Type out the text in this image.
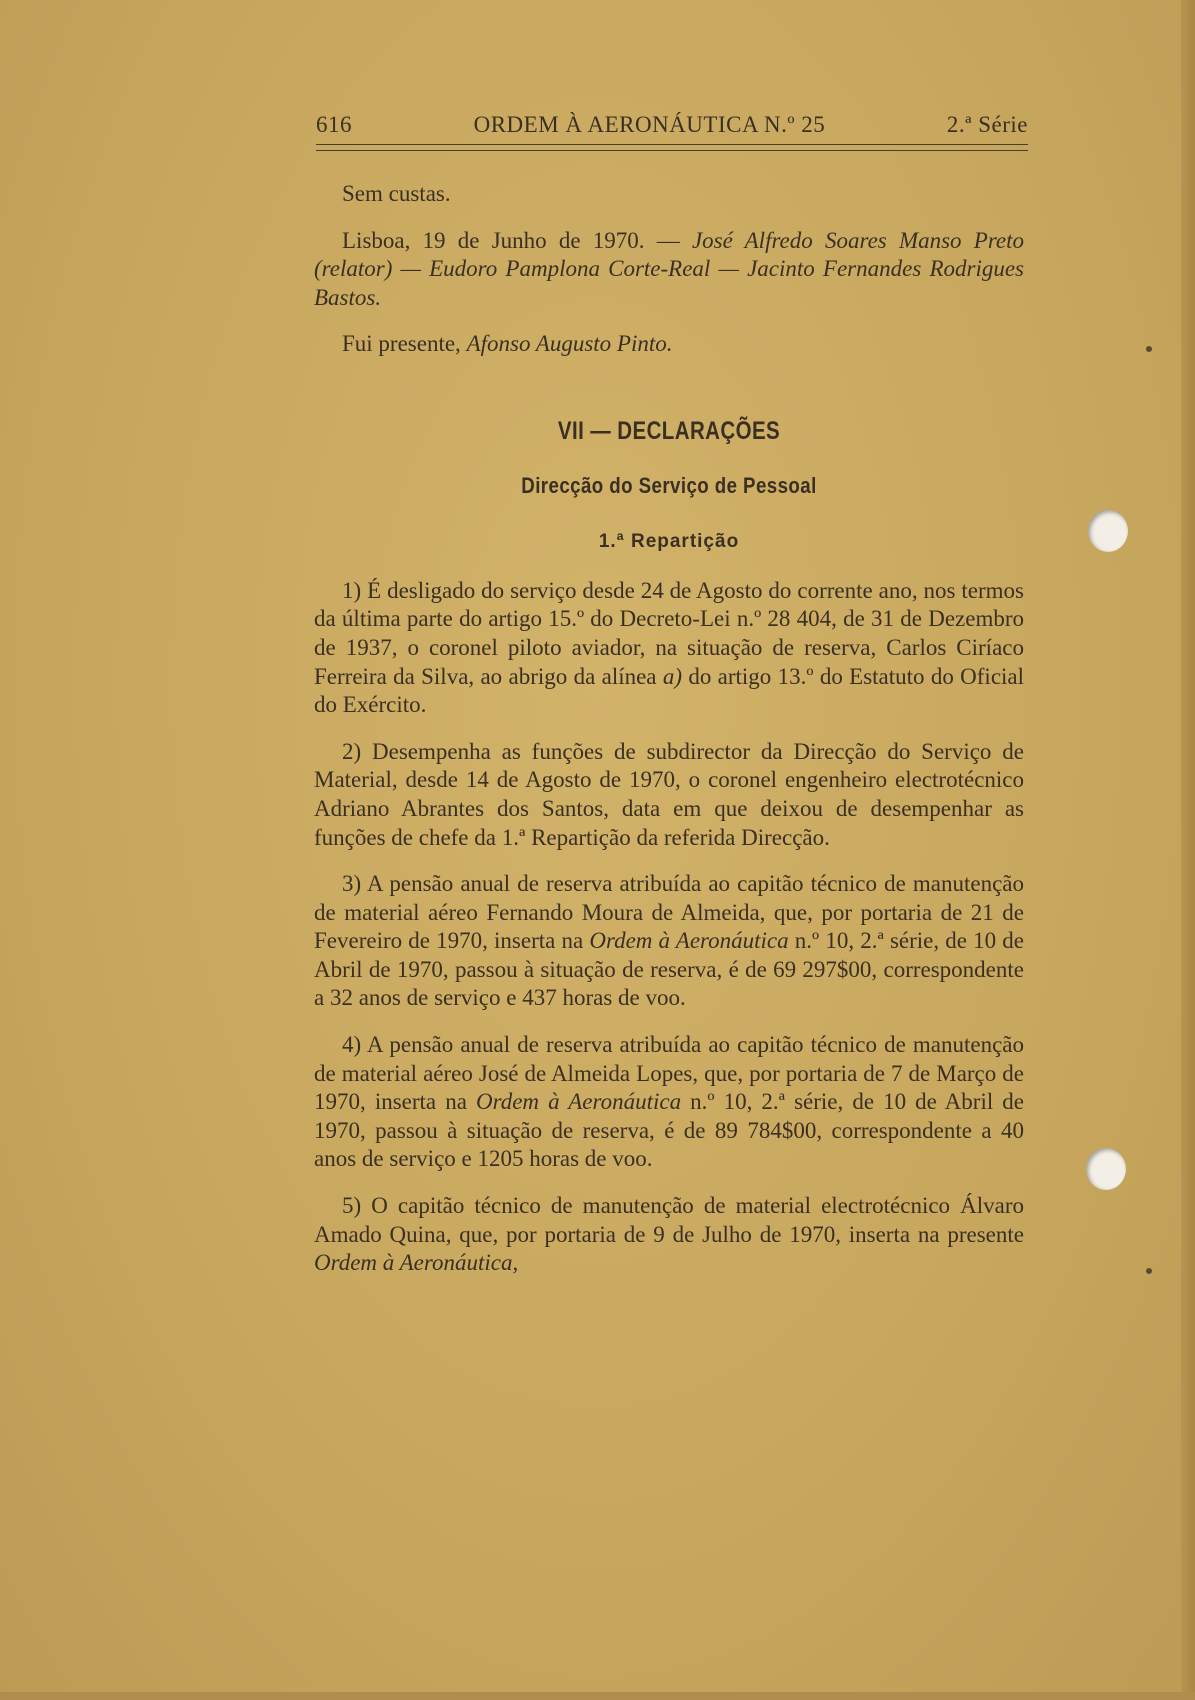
616	ORDEM À AERONÁUTICA N.º 25	2.ª Série

Sem custas.

Lisboa, 19 de Junho de 1970. — José Alfredo Soares Manso Preto (relator) — Eudoro Pamplona Corte-Real — Jacinto Fernandes Rodrigues Bastos.

Fui presente, Afonso Augusto Pinto.

VII — DECLARAÇÕES
Direcção do Serviço de Pessoal
1.ª Repartição

1) É desligado do serviço desde 24 de Agosto do corrente ano, nos termos da última parte do artigo 15.º do Decreto-Lei n.º 28 404, de 31 de Dezembro de 1937, o coronel piloto aviador, na situação de reserva, Carlos Ciríaco Ferreira da Silva, ao abrigo da alínea a) do artigo 13.º do Estatuto do Oficial do Exército.

2) Desempenha as funções de subdirector da Direcção do Serviço de Material, desde 14 de Agosto de 1970, o coronel engenheiro electrotécnico Adriano Abrantes dos Santos, data em que deixou de desempenhar as funções de chefe da 1.ª Repartição da referida Direcção.

3) A pensão anual de reserva atribuída ao capitão técnico de manutenção de material aéreo Fernando Moura de Almeida, que, por portaria de 21 de Fevereiro de 1970, inserta na Ordem à Aeronáutica n.º 10, 2.ª série, de 10 de Abril de 1970, passou à situação de reserva, é de 69 297$00, correspondente a 32 anos de serviço e 437 horas de voo.

4) A pensão anual de reserva atribuída ao capitão técnico de manutenção de material aéreo José de Almeida Lopes, que, por portaria de 7 de Março de 1970, inserta na Ordem à Aeronáutica n.º 10, 2.ª série, de 10 de Abril de 1970, passou à situação de reserva, é de 89 784$00, correspondente a 40 anos de serviço e 1205 horas de voo.

5) O capitão técnico de manutenção de material electrotécnico Álvaro Amado Quina, que, por portaria de 9 de Julho de 1970, inserta na presente Ordem à Aeronáutica,
